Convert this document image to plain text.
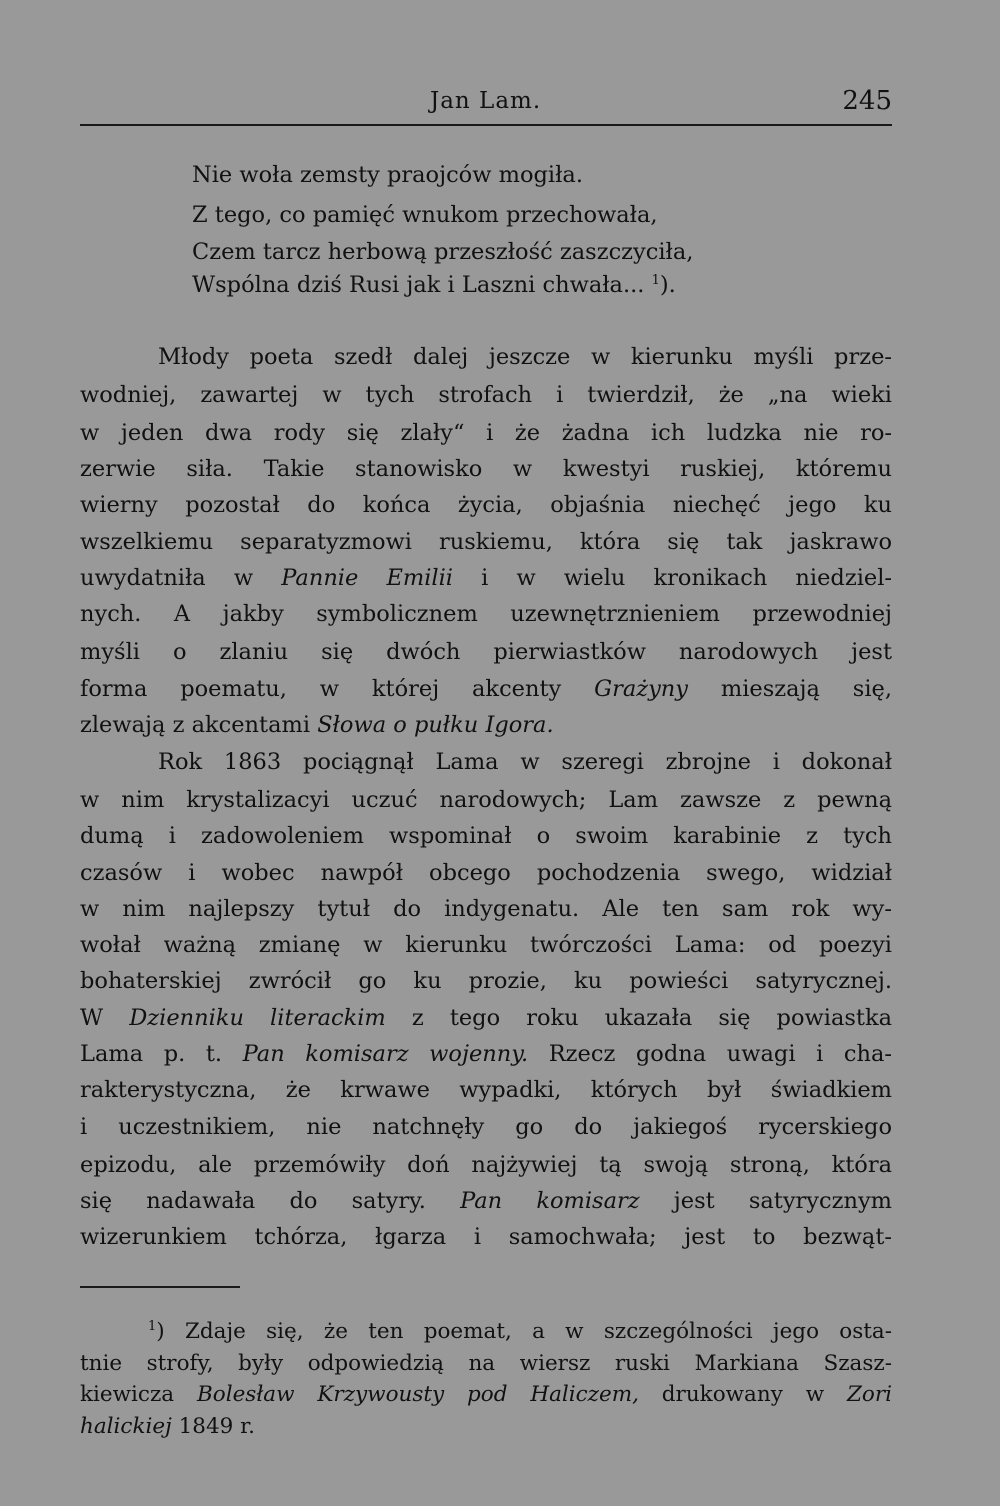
Jan Lam.	245
Nie woła zemsty praojców mogiła.
Z tego, co pamięć wnukom przechowała,
Czem tarcz herbową przeszłość zaszczyciła,
Wspólna dziś Rusi jak i Laszni chwała... $^1$).
Młody poeta szedł dalej jeszcze w kierunku myśli prze-
wodniej, zawartej w tych strofach i twierdził, że „na wieki
w jeden dwa rody się zlały“ i że żadna ich ludzka nie ro-
zerwie siła. Takie stanowisko w kwestyi ruskiej, któremu
wierny pozostał do końca życia, objaśnia niechęć jego ku
wszelkiemu separatyzmowi ruskiemu, która się tak jaskrawo
uwydatniła w Pannie Emilii i w wielu kronikach niedziel-
nych. A jakby symbolicznem uzewnętrznieniem przewodniej
myśli o zlaniu się dwóch pierwiastków narodowych jest
forma poematu, w której akcenty Grażyny mieszają się,
zlewają z akcentami Słowa o pułku Igora.
Rok 1863 pociągnął Lama w szeregi zbrojne i dokonał
w nim krystalizacyi uczuć narodowych; Lam zawsze z pewną
dumą i zadowoleniem wspominał o swoim karabinie z tych
czasów i wobec nawpół obcego pochodzenia swego, widział
w nim najlepszy tytuł do indygenatu. Ale ten sam rok wy-
wołał ważną zmianę w kierunku twórczości Lama: od poezyi
bohaterskiej zwrócił go ku prozie, ku powieści satyrycznej.
W Dzienniku literackim z tego roku ukazała się powiastka
Lama p. t. Pan komisarz wojenny. Rzecz godna uwagi i cha-
rakterystyczna, że krwawe wypadki, których był świadkiem
i uczestnikiem, nie natchnęły go do jakiegoś rycerskiego
epizodu, ale przemówiły doń najżywiej tą swoją stroną, która
się nadawała do satyry. Pan komisarz jest satyrycznym
wizerunkiem tchórza, łgarza i samochwała; jest to bezwąt-
$^1$) Zdaje się, że ten poemat, a w szczególności jego osta-
tnie strofy, były odpowiedzią na wiersz ruski Markiana Szasz-
kiewicza Bolesław Krzywousty pod Haliczem, drukowany w Zori
halickiej 1849 r.
